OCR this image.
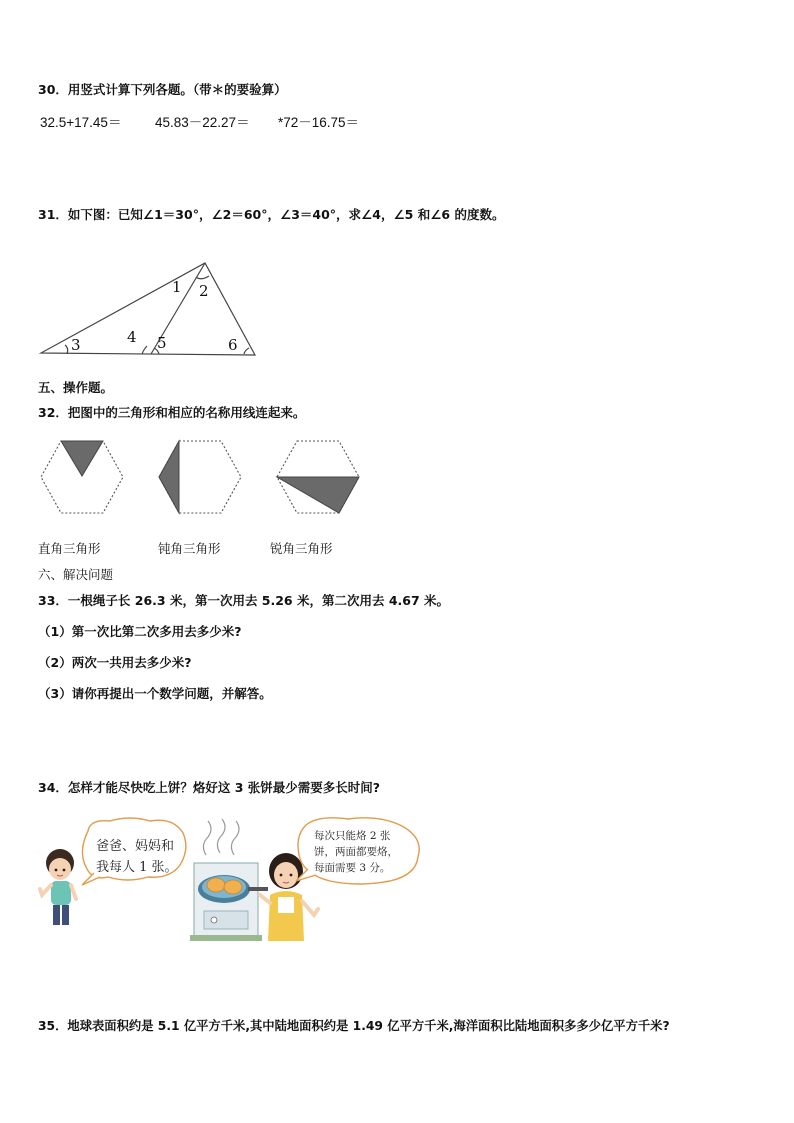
30．用竖式计算下列各题。（带＊的要验算）
32.5+17.45＝ 45.83－22.27＝ *72－16.75＝
31．如下图：已知∠1＝30°，∠2＝60°，∠3＝40°，求∠4，∠5 和∠6 的度数。
1 2
3	4 5	6
五、操作题。
32．把图中的三角形和相应的名称用线连起来。
直角三角形	钝角三角形	锐角三角形
六、解决问题
33．一根绳子长 26.3 米，第一次用去 5.26 米，第二次用去 4.67 米。
（1）第一次比第二次多用去多少米?
（2）两次一共用去多少米?
（3）请你再提出一个数学问题，并解答。
34．怎样才能尽快吃上饼？烙好这 3 张饼最少需要多长时间?
爸爸、妈妈和
我每人 1 张。
每次只能烙 2 张
饼，两面都要烙，
每面需要 3 分。
35．地球表面积约是 5.1 亿平方千米,其中陆地面积约是 1.49 亿平方千米,海洋面积比陆地面积多多少亿平方千米?
